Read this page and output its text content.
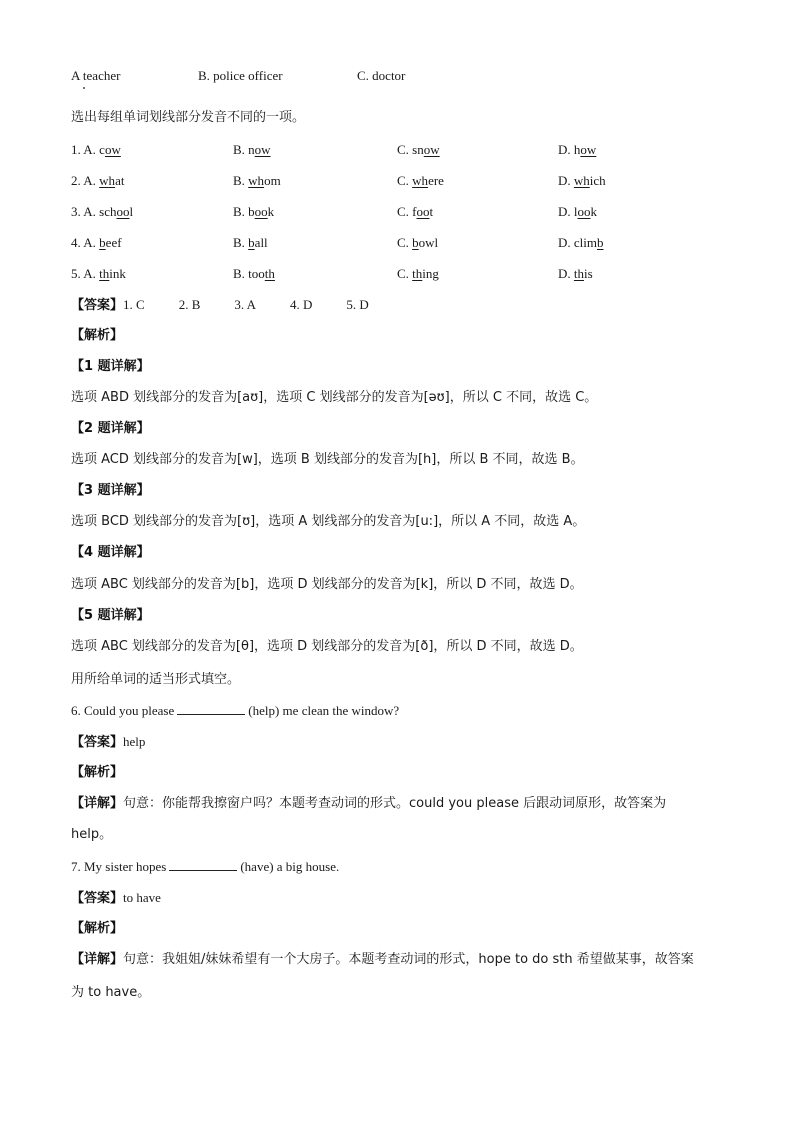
A teacher	B. police officer	C. doctor
选出每组单词划线部分发音不同的一项。
1. A. cow	B. now	C. snow	D. how
2. A. what	B. whom	C. where	D. which
3. A. school	B. book	C. foot	D. look
4. A. beef	B. ball	C. bowl	D. climb
5. A. think	B. tooth	C. thing	D. this
【答案】1. C	2. B	3. A	4. D	5. D
【解析】
【1 题详解】
选项 ABD 划线部分的发音为[aʊ]，选项 C 划线部分的发音为[əʊ]，所以 C 不同，故选 C。
【2 题详解】
选项 ACD 划线部分的发音为[w]，选项 B 划线部分的发音为[h]，所以 B 不同，故选 B。
【3 题详解】
选项 BCD 划线部分的发音为[ʊ]，选项 A 划线部分的发音为[u:]，所以 A 不同，故选 A。
【4 题详解】
选项 ABC 划线部分的发音为[b]，选项 D 划线部分的发音为[k]，所以 D 不同，故选 D。
【5 题详解】
选项 ABC 划线部分的发音为[θ]，选项 D 划线部分的发音为[ð]，所以 D 不同，故选 D。
用所给单词的适当形式填空。
6. Could you please	(help) me clean the window?
【答案】help
【解析】
【详解】句意：你能帮我擦窗户吗？本题考查动词的形式。could you please 后跟动词原形，故答案为
help。
7. My sister hopes	(have) a big house.
【答案】to have
【解析】
【详解】句意：我姐姐/妹妹希望有一个大房子。本题考查动词的形式，hope to do sth 希望做某事，故答案
为 to have。
